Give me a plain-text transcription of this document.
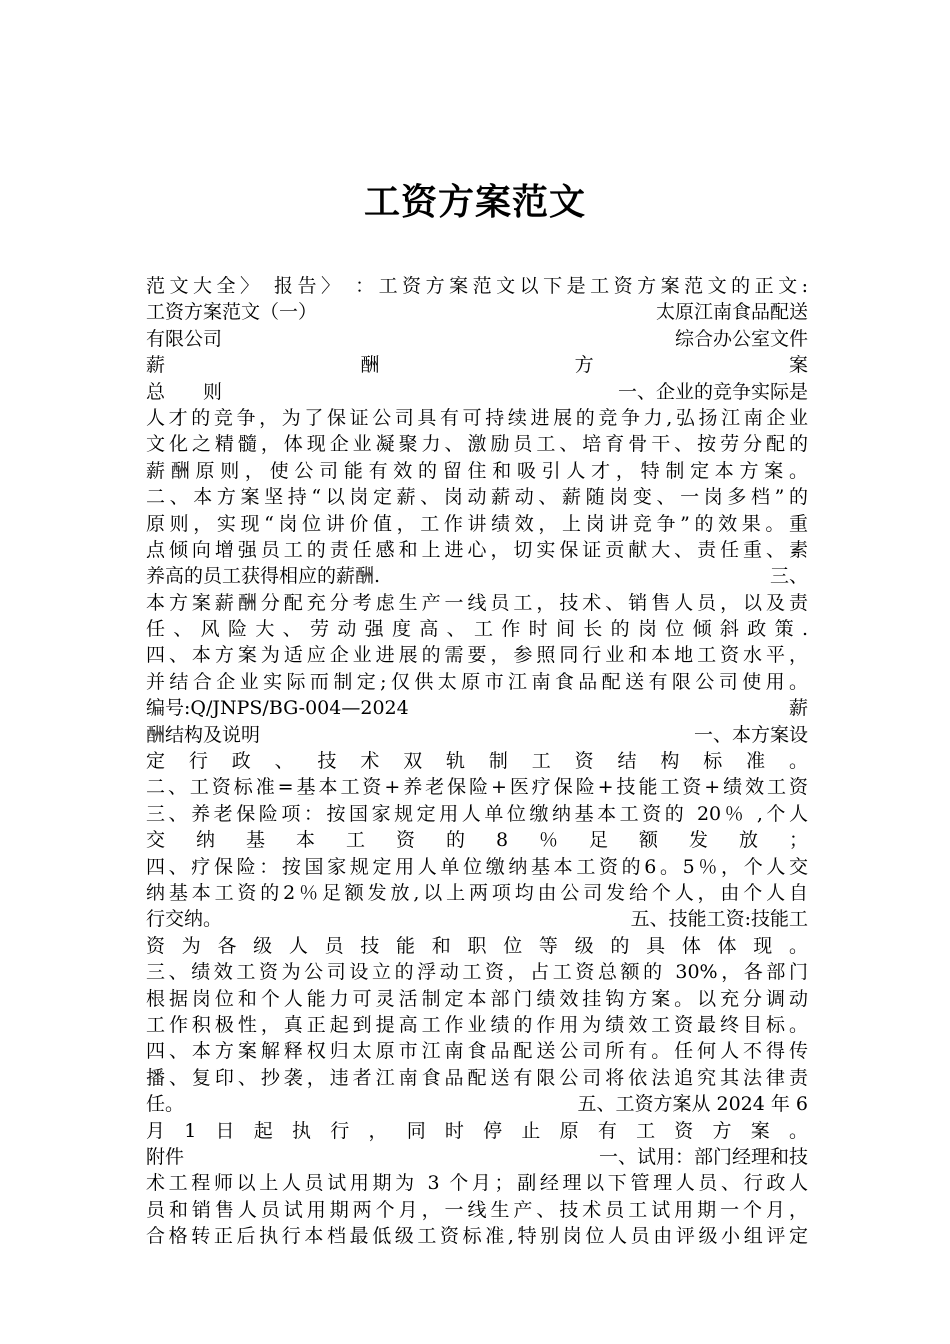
工资方案范文
范文大全〉 报告〉 ：工资方案范文以下是工资方案范文的正文:
工资方案范文（一）	太原江南食品配送
有限公司	综合办公室文件
薪　　　　　　　　酬　　　　　　　　方　　　　　　　　案
总　　则	一、企业的竞争实际是
人才的竞争，为了保证公司具有可持续进展的竞争力,弘扬江南企业
文化之精髓，体现企业凝聚力、激励员工、培育骨干、按劳分配的
薪酬原则，使公司能有效的留住和吸引人才，特制定本方案。
二、本方案坚持“以岗定薪、岗动薪动、薪随岗变、一岗多档”的
原则，实现“岗位讲价值，工作讲绩效，上岗讲竞争”的效果。重
点倾向增强员工的责任感和上进心，切实保证贡献大、责任重、素
养高的员工获得相应的薪酬.	三、
本方案薪酬分配充分考虑生产一线员工，技术、销售人员，以及责
任、风险大、劳动强度高、工作时间长的岗位倾斜政策.
四、本方案为适应企业进展的需要，参照同行业和本地工资水平，
并结合企业实际而制定;仅供太原市江南食品配送有限公司使用。
编号:Q/JNPS/BG-004—2024	薪
酬结构及说明	一、本方案设
定行政、技术双轨制工资结构标准。
二、工资标准=基本工资+养老保险+医疗保险+技能工资+绩效工资
三、养老保险项：按国家规定用人单位缴纳基本工资的 20％ ,个人
交纳基本工资的8％足额发放；
四、疗保险：按国家规定用人单位缴纳基本工资的6。5％，个人交
纳基本工资的2％足额发放,以上两项均由公司发给个人，由个人自
行交纳。	五、技能工资:技能工
资为各级人员技能和职位等级的具体体现。
三、绩效工资为公司设立的浮动工资，占工资总额的 30%，各部门
根据岗位和个人能力可灵活制定本部门绩效挂钩方案。以充分调动
工作积极性，真正起到提高工作业绩的作用为绩效工资最终目标。
四、本方案解释权归太原市江南食品配送公司所有。任何人不得传
播、复印、抄袭，违者江南食品配送有限公司将依法追究其法律责
任。	五、工资方案从 2024 年 6
月1日起执行，同时停止原有工资方案。
附件	一、试用：部门经理和技
术工程师以上人员试用期为 3 个月；副经理以下管理人员、行政人
员和销售人员试用期两个月，一线生产、技术员工试用期一个月，
合格转正后执行本档最低级工资标准,特别岗位人员由评级小组评定
